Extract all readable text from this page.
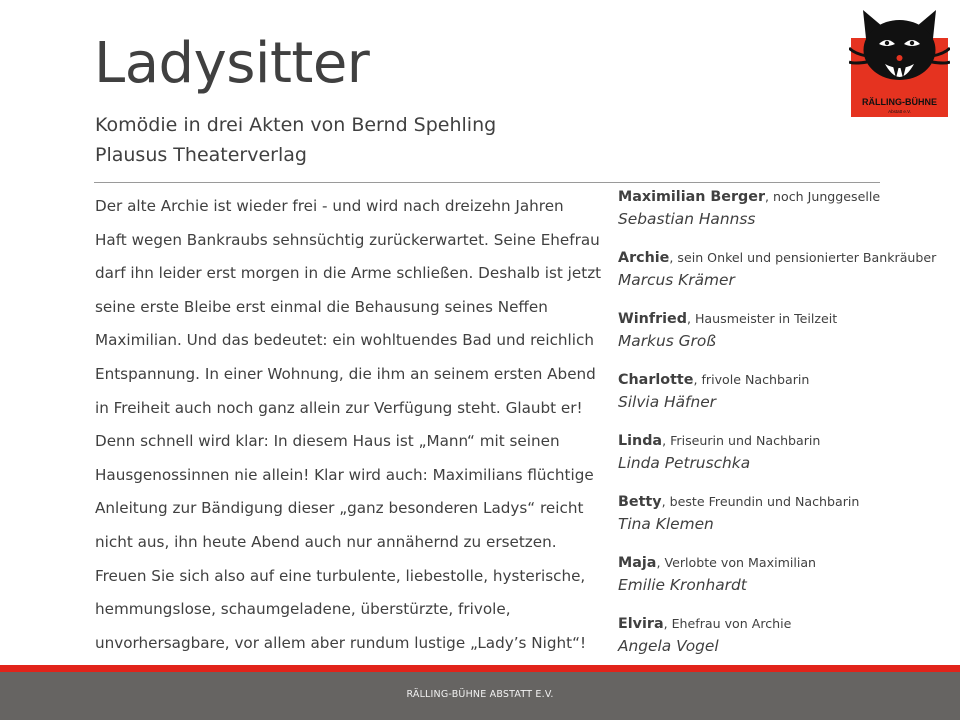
Ladysitter
Komödie in drei Akten von Bernd Spehling
Plausus Theaterverlag
Der alte Archie ist wieder frei - und wird nach dreizehn Jahren
Haft wegen Bankraubs sehnsüchtig zurückerwartet. Seine Ehefrau
darf ihn leider erst morgen in die Arme schließen. Deshalb ist jetzt
seine erste Bleibe erst einmal die Behausung seines Neffen
Maximilian. Und das bedeutet: ein wohltuendes Bad und reichlich
Entspannung. In einer Wohnung, die ihm an seinem ersten Abend
in Freiheit auch noch ganz allein zur Verfügung steht. Glaubt er!
Denn schnell wird klar: In diesem Haus ist „Mann“ mit seinen
Hausgenossinnen nie allein! Klar wird auch: Maximilians flüchtige
Anleitung zur Bändigung dieser „ganz besonderen Ladys“ reicht
nicht aus, ihn heute Abend auch nur annähernd zu ersetzen.
Freuen Sie sich also auf eine turbulente, liebestolle, hysterische,
hemmungslose, schaumgeladene, überstürzte, frivole,
unvorhersagbare, vor allem aber rundum lustige „Lady’s Night“!
Maximilian Berger, noch Junggeselle
Sebastian Hannss
Archie, sein Onkel und pensionierter Bankräuber
Marcus Krämer
Winfried, Hausmeister in Teilzeit
Markus Groß
Charlotte, frivole Nachbarin
Silvia Häfner
Linda, Friseurin und Nachbarin
Linda Petruschka
Betty, beste Freundin und Nachbarin
Tina Klemen
Maja, Verlobte von Maximilian
Emilie Kronhardt
Elvira, Ehefrau von Archie
Angela Vogel
RÄLLING-BÜHNE
Abstatt e.V.
RÄLLING-BÜHNE ABSTATT E.V.
